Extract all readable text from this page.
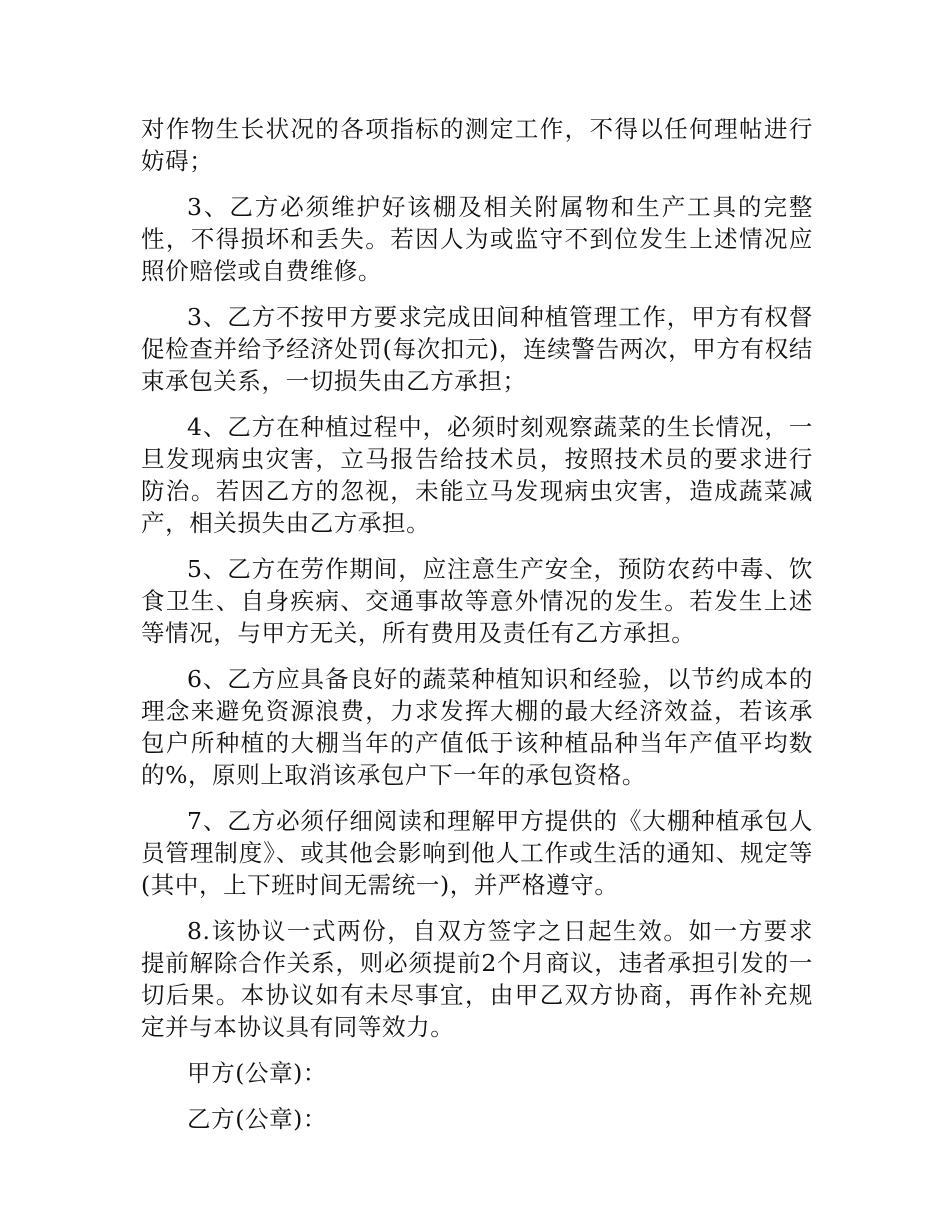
对作物生长状况的各项指标的测定工作，不得以任何理帖进行妨碍；

3、乙方必须维护好该棚及相关附属物和生产工具的完整性，不得损坏和丢失。若因人为或监守不到位发生上述情况应照价赔偿或自费维修。

3、乙方不按甲方要求完成田间种植管理工作，甲方有权督促检查并给予经济处罚(每次扣元)，连续警告两次，甲方有权结束承包关系，一切损失由乙方承担；

4、乙方在种植过程中，必须时刻观察蔬菜的生长情况，一旦发现病虫灾害，立马报告给技术员，按照技术员的要求进行防治。若因乙方的忽视，未能立马发现病虫灾害，造成蔬菜减产，相关损失由乙方承担。

5、乙方在劳作期间，应注意生产安全，预防农药中毒、饮食卫生、自身疾病、交通事故等意外情况的发生。若发生上述等情况，与甲方无关，所有费用及责任有乙方承担。

6、乙方应具备良好的蔬菜种植知识和经验，以节约成本的理念来避免资源浪费，力求发挥大棚的最大经济效益，若该承包户所种植的大棚当年的产值低于该种植品种当年产值平均数的%，原则上取消该承包户下一年的承包资格。

7、乙方必须仔细阅读和理解甲方提供的《大棚种植承包人员管理制度》、或其他会影响到他人工作或生活的通知、规定等(其中，上下班时间无需统一)，并严格遵守。

8.该协议一式两份，自双方签字之日起生效。如一方要求提前解除合作关系，则必须提前2个月商议，违者承担引发的一切后果。本协议如有未尽事宜，由甲乙双方协商，再作补充规定并与本协议具有同等效力。

甲方(公章)：

乙方(公章)：
